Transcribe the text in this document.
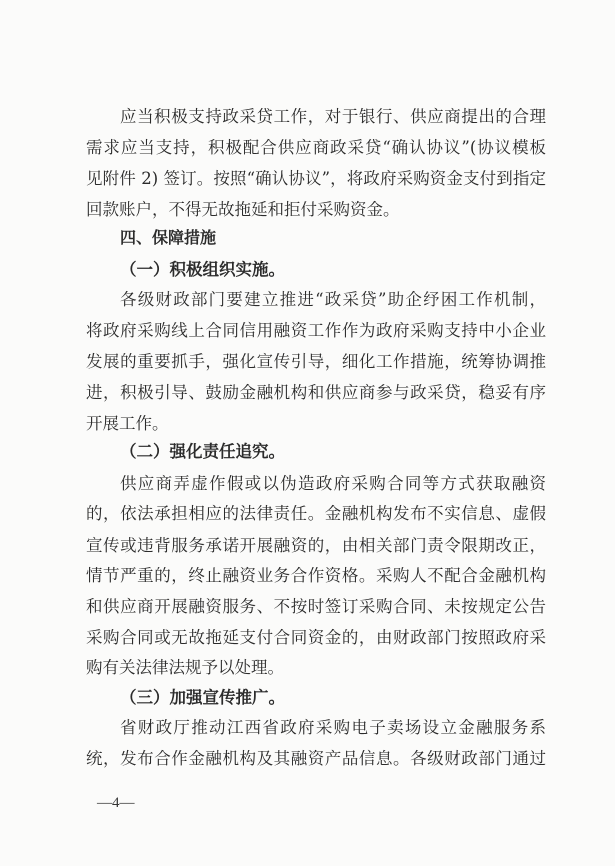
应当积极支持政采贷工作，对于银行、供应商提出的合理
需求应当支持，积极配合供应商政采贷“确认协议”(协议模板
见附件 2) 签订。按照“确认协议”，将政府采购资金支付到指定
回款账户，不得无故拖延和拒付采购资金。
四、保障措施
（一）积极组织实施。
各级财政部门要建立推进“政采贷”助企纾困工作机制，
将政府采购线上合同信用融资工作作为政府采购支持中小企业
发展的重要抓手，强化宣传引导，细化工作措施，统筹协调推
进，积极引导、鼓励金融机构和供应商参与政采贷，稳妥有序
开展工作。
（二）强化责任追究。
供应商弄虚作假或以伪造政府采购合同等方式获取融资
的，依法承担相应的法律责任。金融机构发布不实信息、虚假
宣传或违背服务承诺开展融资的，由相关部门责令限期改正，
情节严重的，终止融资业务合作资格。采购人不配合金融机构
和供应商开展融资服务、不按时签订采购合同、未按规定公告
采购合同或无故拖延支付合同资金的，由财政部门按照政府采
购有关法律法规予以处理。
（三）加强宣传推广。
省财政厅推动江西省政府采购电子卖场设立金融服务系
统，发布合作金融机构及其融资产品信息。各级财政部门通过
—4—
